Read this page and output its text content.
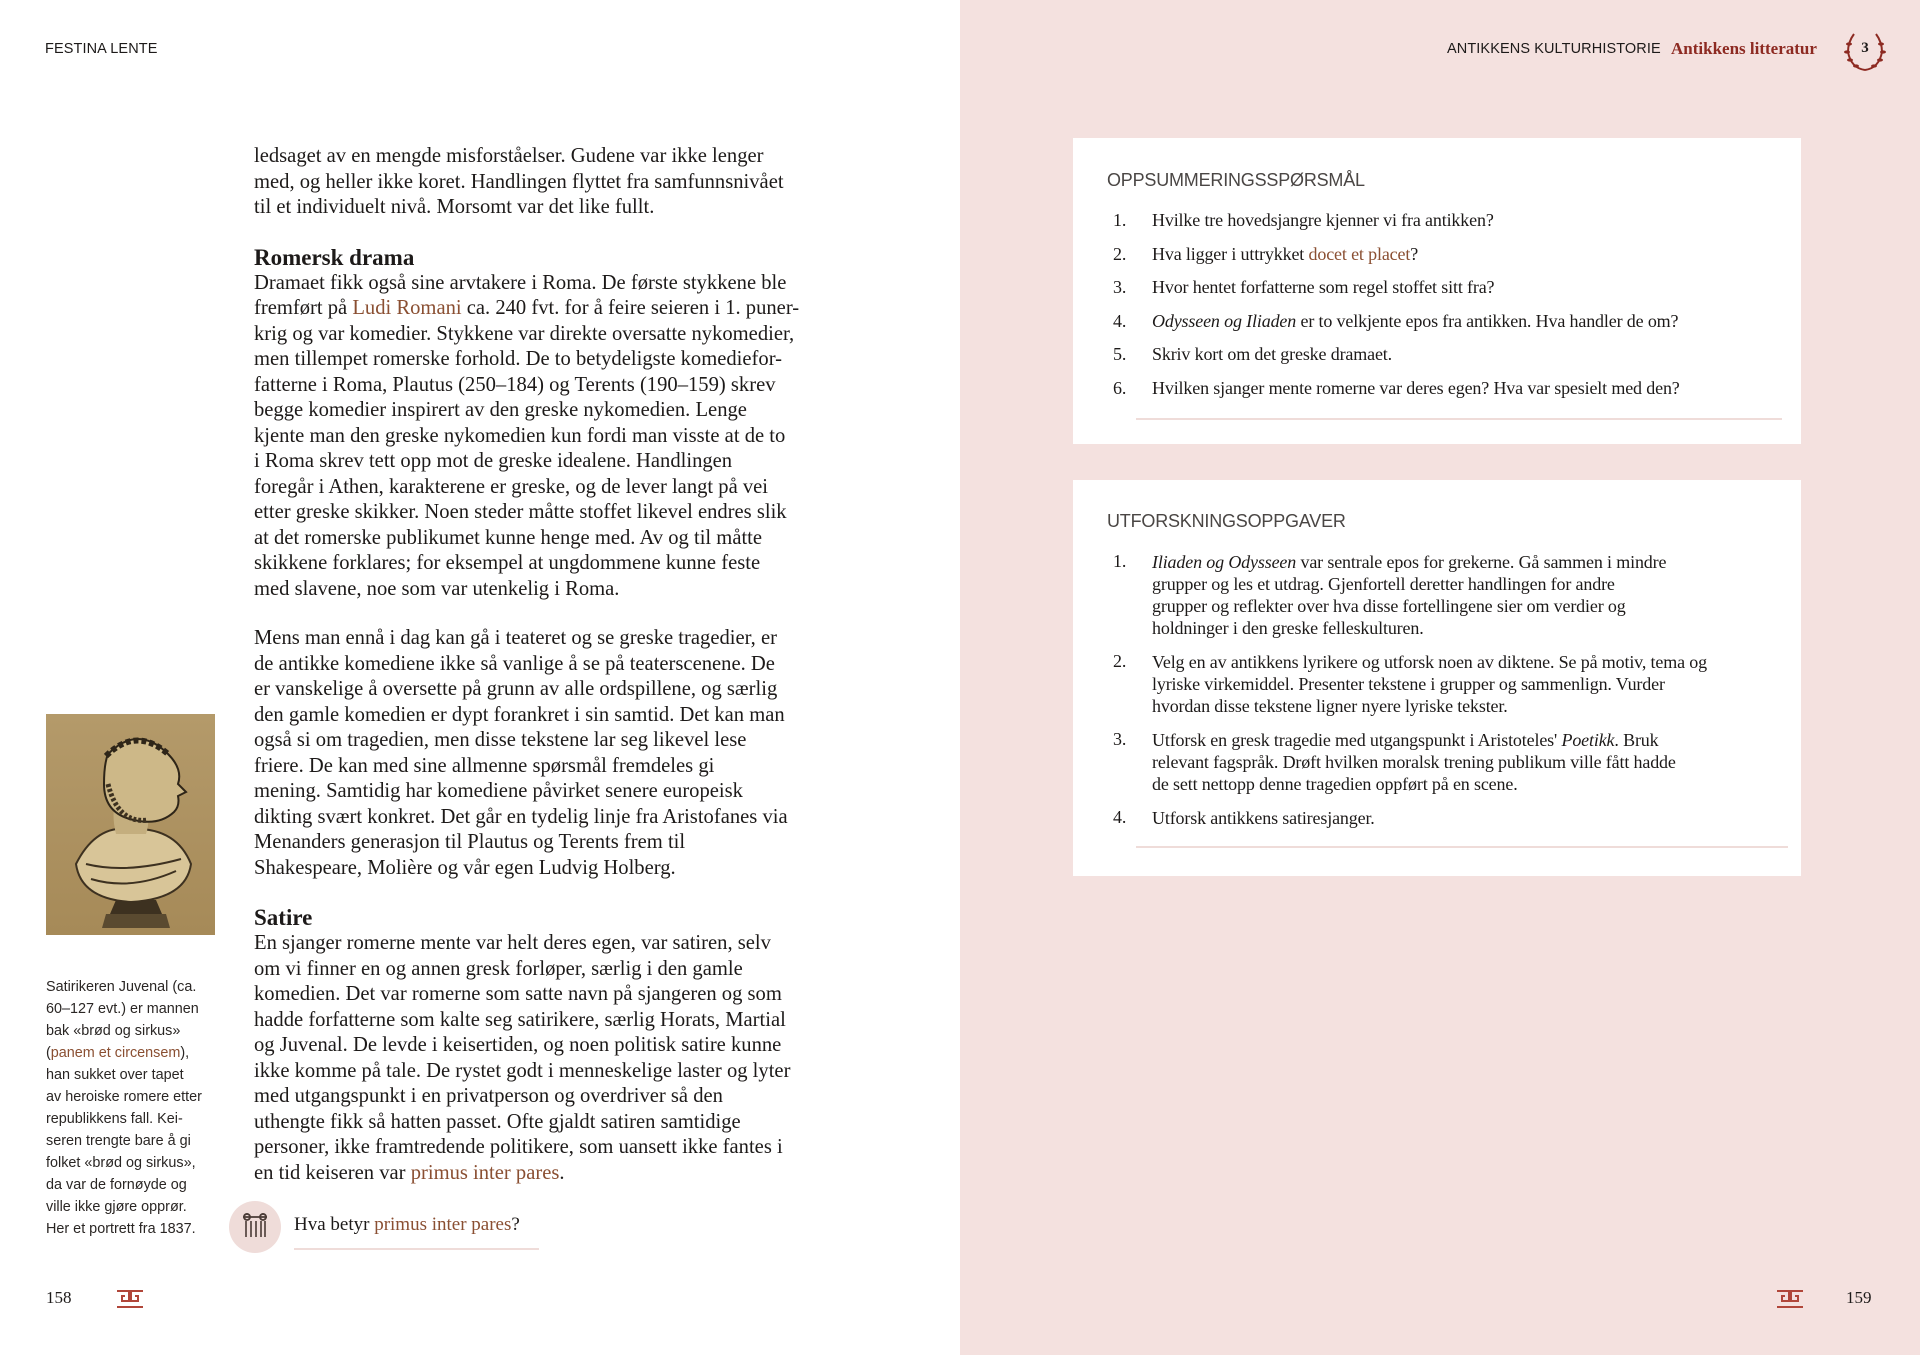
FESTINA LENTE
ledsaget av en mengde misforståelser. Gudene var ikke lenger
med, og heller ikke koret. Handlingen flyttet fra samfunnsnivået
til et individuelt nivå. Morsomt var det like fullt.
Romersk drama
Dramaet fikk også sine arvtakere i Roma. De første stykkene ble
fremført på Ludi Romani ca. 240 fvt. for å feire seieren i 1. puner-
krig og var komedier. Stykkene var direkte oversatte nykomedier,
men tillempet romerske forhold. De to betydeligste komediefor-
fatterne i Roma, Plautus (250–184) og Terents (190–159) skrev
begge komedier inspirert av den greske nykomedien. Lenge
kjente man den greske nykomedien kun fordi man visste at de to
i Roma skrev tett opp mot de greske idealene. Handlingen
foregår i Athen, karakterene er greske, og de lever langt på vei
etter greske skikker. Noen steder måtte stoffet likevel endres slik
at det romerske publikumet kunne henge med. Av og til måtte
skikkene forklares; for eksempel at ungdommene kunne feste
med slavene, noe som var utenkelig i Roma.
Mens man ennå i dag kan gå i teateret og se greske tragedier, er
de antikke komediene ikke så vanlige å se på teaterscenene. De
er vanskelige å oversette på grunn av alle ordspillene, og særlig
den gamle komedien er dypt forankret i sin samtid. Det kan man
også si om tragedien, men disse tekstene lar seg likevel lese
friere. De kan med sine allmenne spørsmål fremdeles gi
mening. Samtidig har komediene påvirket senere europeisk
dikting svært konkret. Det går en tydelig linje fra Aristofanes via
Menanders generasjon til Plautus og Terents frem til
Shakespeare, Molière og vår egen Ludvig Holberg.
Satire
En sjanger romerne mente var helt deres egen, var satiren, selv
om vi finner en og annen gresk forløper, særlig i den gamle
komedien. Det var romerne som satte navn på sjangeren og som
hadde forfatterne som kalte seg satirikere, særlig Horats, Martial
og Juvenal. De levde i keisertiden, og noen politisk satire kunne
ikke komme på tale. De rystet godt i menneskelige laster og lyter
med utgangspunkt i en privatperson og overdriver så den
uthengte fikk så hatten passet. Ofte gjaldt satiren samtidige
personer, ikke framtredende politikere, som uansett ikke fantes i
en tid keiseren var primus inter pares.
Satirikeren Juvenal (ca.
60–127 evt.) er mannen
bak «brød og sirkus»
(panem et circensem),
han sukket over tapet
av heroiske romere etter
republikkens fall. Kei-
seren trengte bare å gi
folket «brød og sirkus»,
da var de fornøyde og
ville ikke gjøre opprør.
Her et portrett fra 1837.	Hva betyr primus inter pares?
158
ANTIKKENS KULTURHISTORIE Antikkens litteratur	3
OPPSUMMERINGSSPØRSMÅL
1. Hvilke tre hovedsjangre kjenner vi fra antikken?
2. Hva ligger i uttrykket docet et placet?
3. Hvor hentet forfatterne som regel stoffet sitt fra?
4. Odysseen og Iliaden er to velkjente epos fra antikken. Hva handler de om?
5. Skriv kort om det greske dramaet.
6. Hvilken sjanger mente romerne var deres egen? Hva var spesielt med den?
UTFORSKNINGSOPPGAVER
1. Iliaden og Odysseen var sentrale epos for grekerne. Gå sammen i mindre
grupper og les et utdrag. Gjenfortell deretter handlingen for andre
grupper og reflekter over hva disse fortellingene sier om verdier og
holdninger i den greske felleskulturen.
2. Velg en av antikkens lyrikere og utforsk noen av diktene. Se på motiv, tema og
lyriske virkemiddel. Presenter tekstene i grupper og sammenlign. Vurder
hvordan disse tekstene ligner nyere lyriske tekster.
3. Utforsk en gresk tragedie med utgangspunkt i Aristoteles' Poetikk. Bruk
relevant fagspråk. Drøft hvilken moralsk trening publikum ville fått hadde
de sett nettopp denne tragedien oppført på en scene.
4. Utforsk antikkens satiresjanger.
159
